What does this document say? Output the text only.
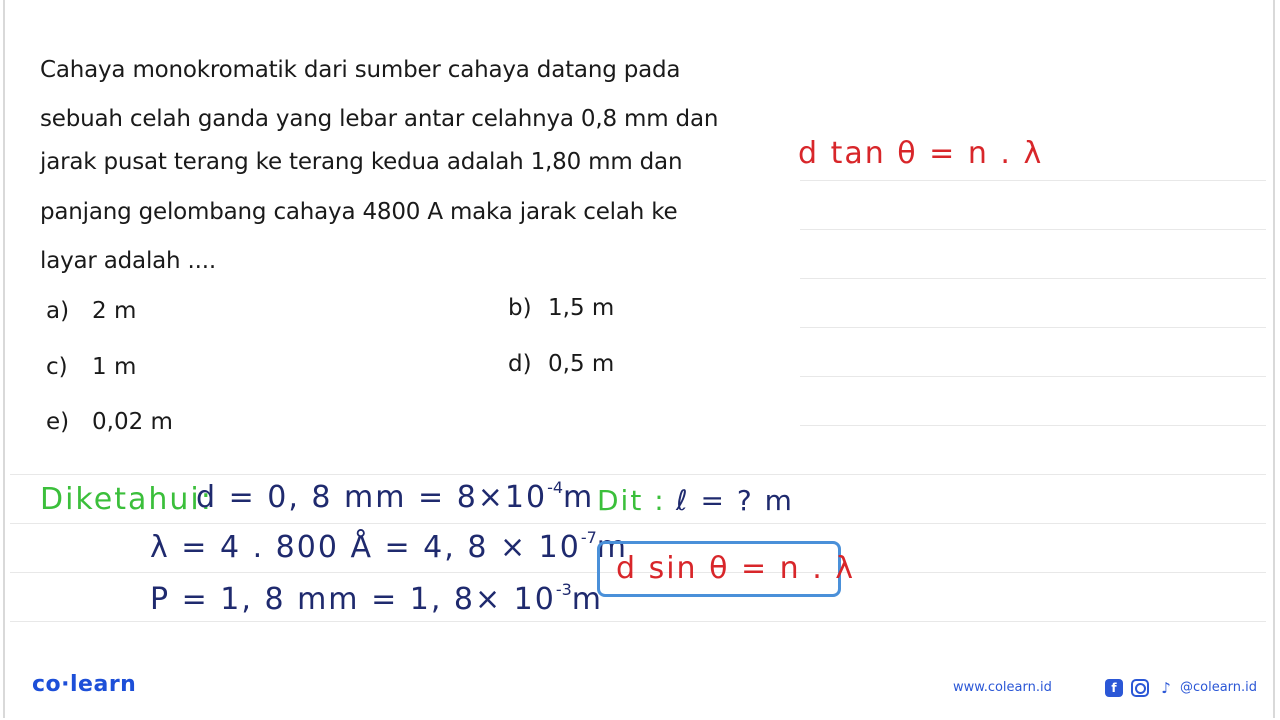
Cahaya monokromatik dari sumber cahaya datang pada
sebuah celah ganda yang lebar antar celahnya 0,8 mm dan
jarak pusat terang ke terang kedua adalah 1,80 mm dan
panjang gelombang cahaya 4800 A maka jarak celah ke
layar adalah ....
a) 2 m	b) 1,5 m
c) 1 m	d) 0,5 m
e) 0,02 m
d tan θ = n . λ
Diketahui:
d = 0, 8 mm = $8\times 10^{-4}m$
λ = 4 . 800 Å = 4, $8 \times 10^{-7}m$
P = 1, 8 mm = 1, $8\times 10^{-3}m$
Dit : ℓ = ? m
d sin θ = n . λ
co·learn	www.colearn.id	f	♪ @colearn.id
